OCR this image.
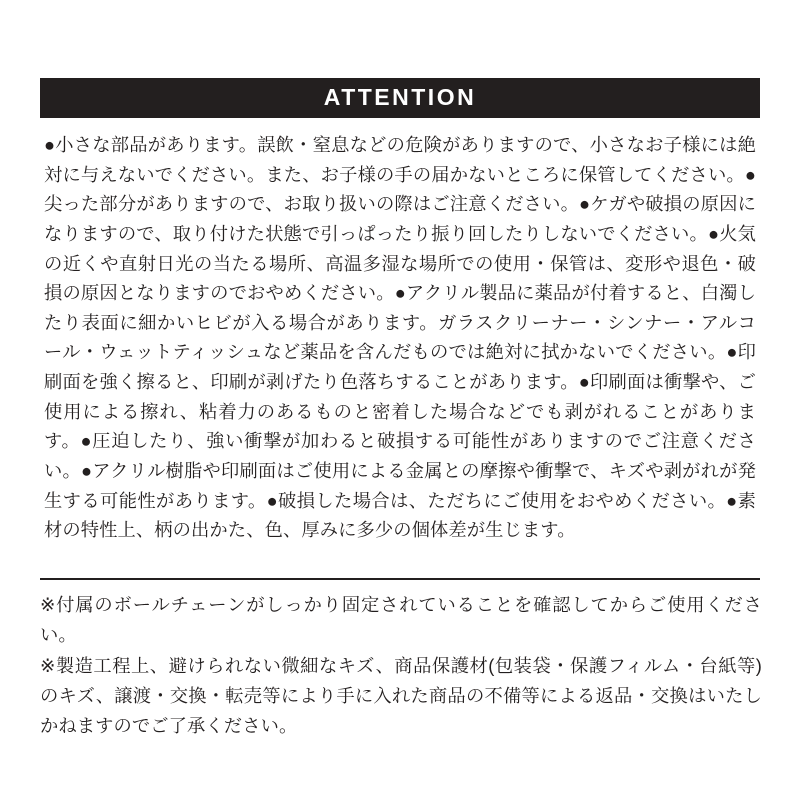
ATTENTION
●小さな部品があります。誤飲・窒息などの危険がありますので、小さなお子様には絶対に与えないでください。また、お子様の手の届かないところに保管してください。●尖った部分がありますので、お取り扱いの際はご注意ください。●ケガや破損の原因になりますので、取り付けた状態で引っぱったり振り回したりしないでください。●火気の近くや直射日光の当たる場所、高温多湿な場所での使用・保管は、変形や退色・破損の原因となりますのでおやめください。●アクリル製品に薬品が付着すると、白濁したり表面に細かいヒビが入る場合があります。ガラスクリーナー・シンナー・アルコール・ウェットティッシュなど薬品を含んだものでは絶対に拭かないでください。●印刷面を強く擦ると、印刷が剥げたり色落ちすることがあります。●印刷面は衝撃や、ご使用による擦れ、粘着力のあるものと密着した場合などでも剥がれることがあります。●圧迫したり、強い衝撃が加わると破損する可能性がありますのでご注意ください。●アクリル樹脂や印刷面はご使用による金属との摩擦や衝撃で、キズや剥がれが発生する可能性があります。●破損した場合は、ただちにご使用をおやめください。●素材の特性上、柄の出かた、色、厚みに多少の個体差が生じます。

※付属のボールチェーンがしっかり固定されていることを確認してからご使用ください。

※製造工程上、避けられない微細なキズ、商品保護材(包装袋・保護フィルム・台紙等)のキズ、譲渡・交換・転売等により手に入れた商品の不備等による返品・交換はいたしかねますのでご了承ください。
